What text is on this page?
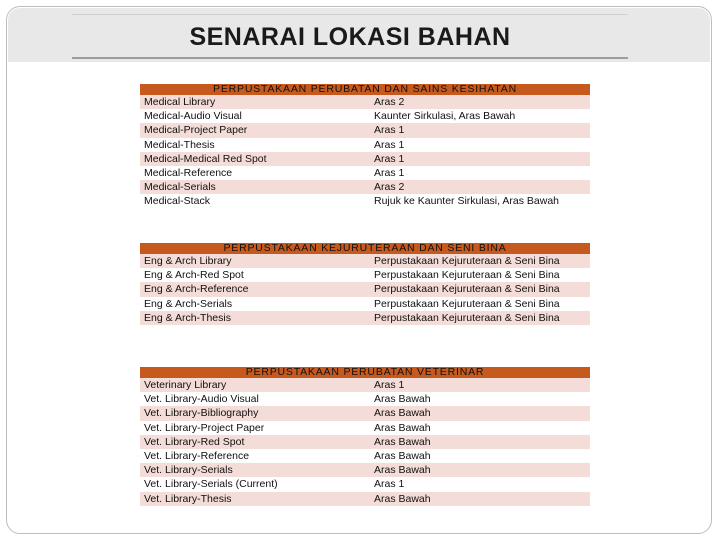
SENARAI LOKASI BAHAN
PERPUSTAKAAN PERUBATAN DAN SAINS KESIHATAN
Medical Library	Aras 2
Medical-Audio Visual	Kaunter Sirkulasi, Aras Bawah
Medical-Project Paper	Aras 1
Medical-Thesis	Aras 1
Medical-Medical Red Spot	Aras 1
Medical-Reference	Aras 1
Medical-Serials	Aras 2
Medical-Stack	Rujuk ke Kaunter Sirkulasi, Aras Bawah
PERPUSTAKAAN KEJURUTERAAN DAN SENI BINA
Eng & Arch Library	Perpustakaan Kejuruteraan & Seni Bina
Eng & Arch-Red Spot	Perpustakaan Kejuruteraan & Seni Bina
Eng & Arch-Reference	Perpustakaan Kejuruteraan & Seni Bina
Eng & Arch-Serials	Perpustakaan Kejuruteraan & Seni Bina
Eng & Arch-Thesis	Perpustakaan Kejuruteraan & Seni Bina
PERPUSTAKAAN PERUBATAN VETERINAR
Veterinary Library	Aras 1
Vet. Library-Audio Visual	Aras Bawah
Vet. Library-Bibliography	Aras Bawah
Vet. Library-Project Paper	Aras Bawah
Vet. Library-Red Spot	Aras Bawah
Vet. Library-Reference	Aras Bawah
Vet. Library-Serials	Aras Bawah
Vet. Library-Serials (Current)	Aras 1
Vet. Library-Thesis	Aras Bawah
